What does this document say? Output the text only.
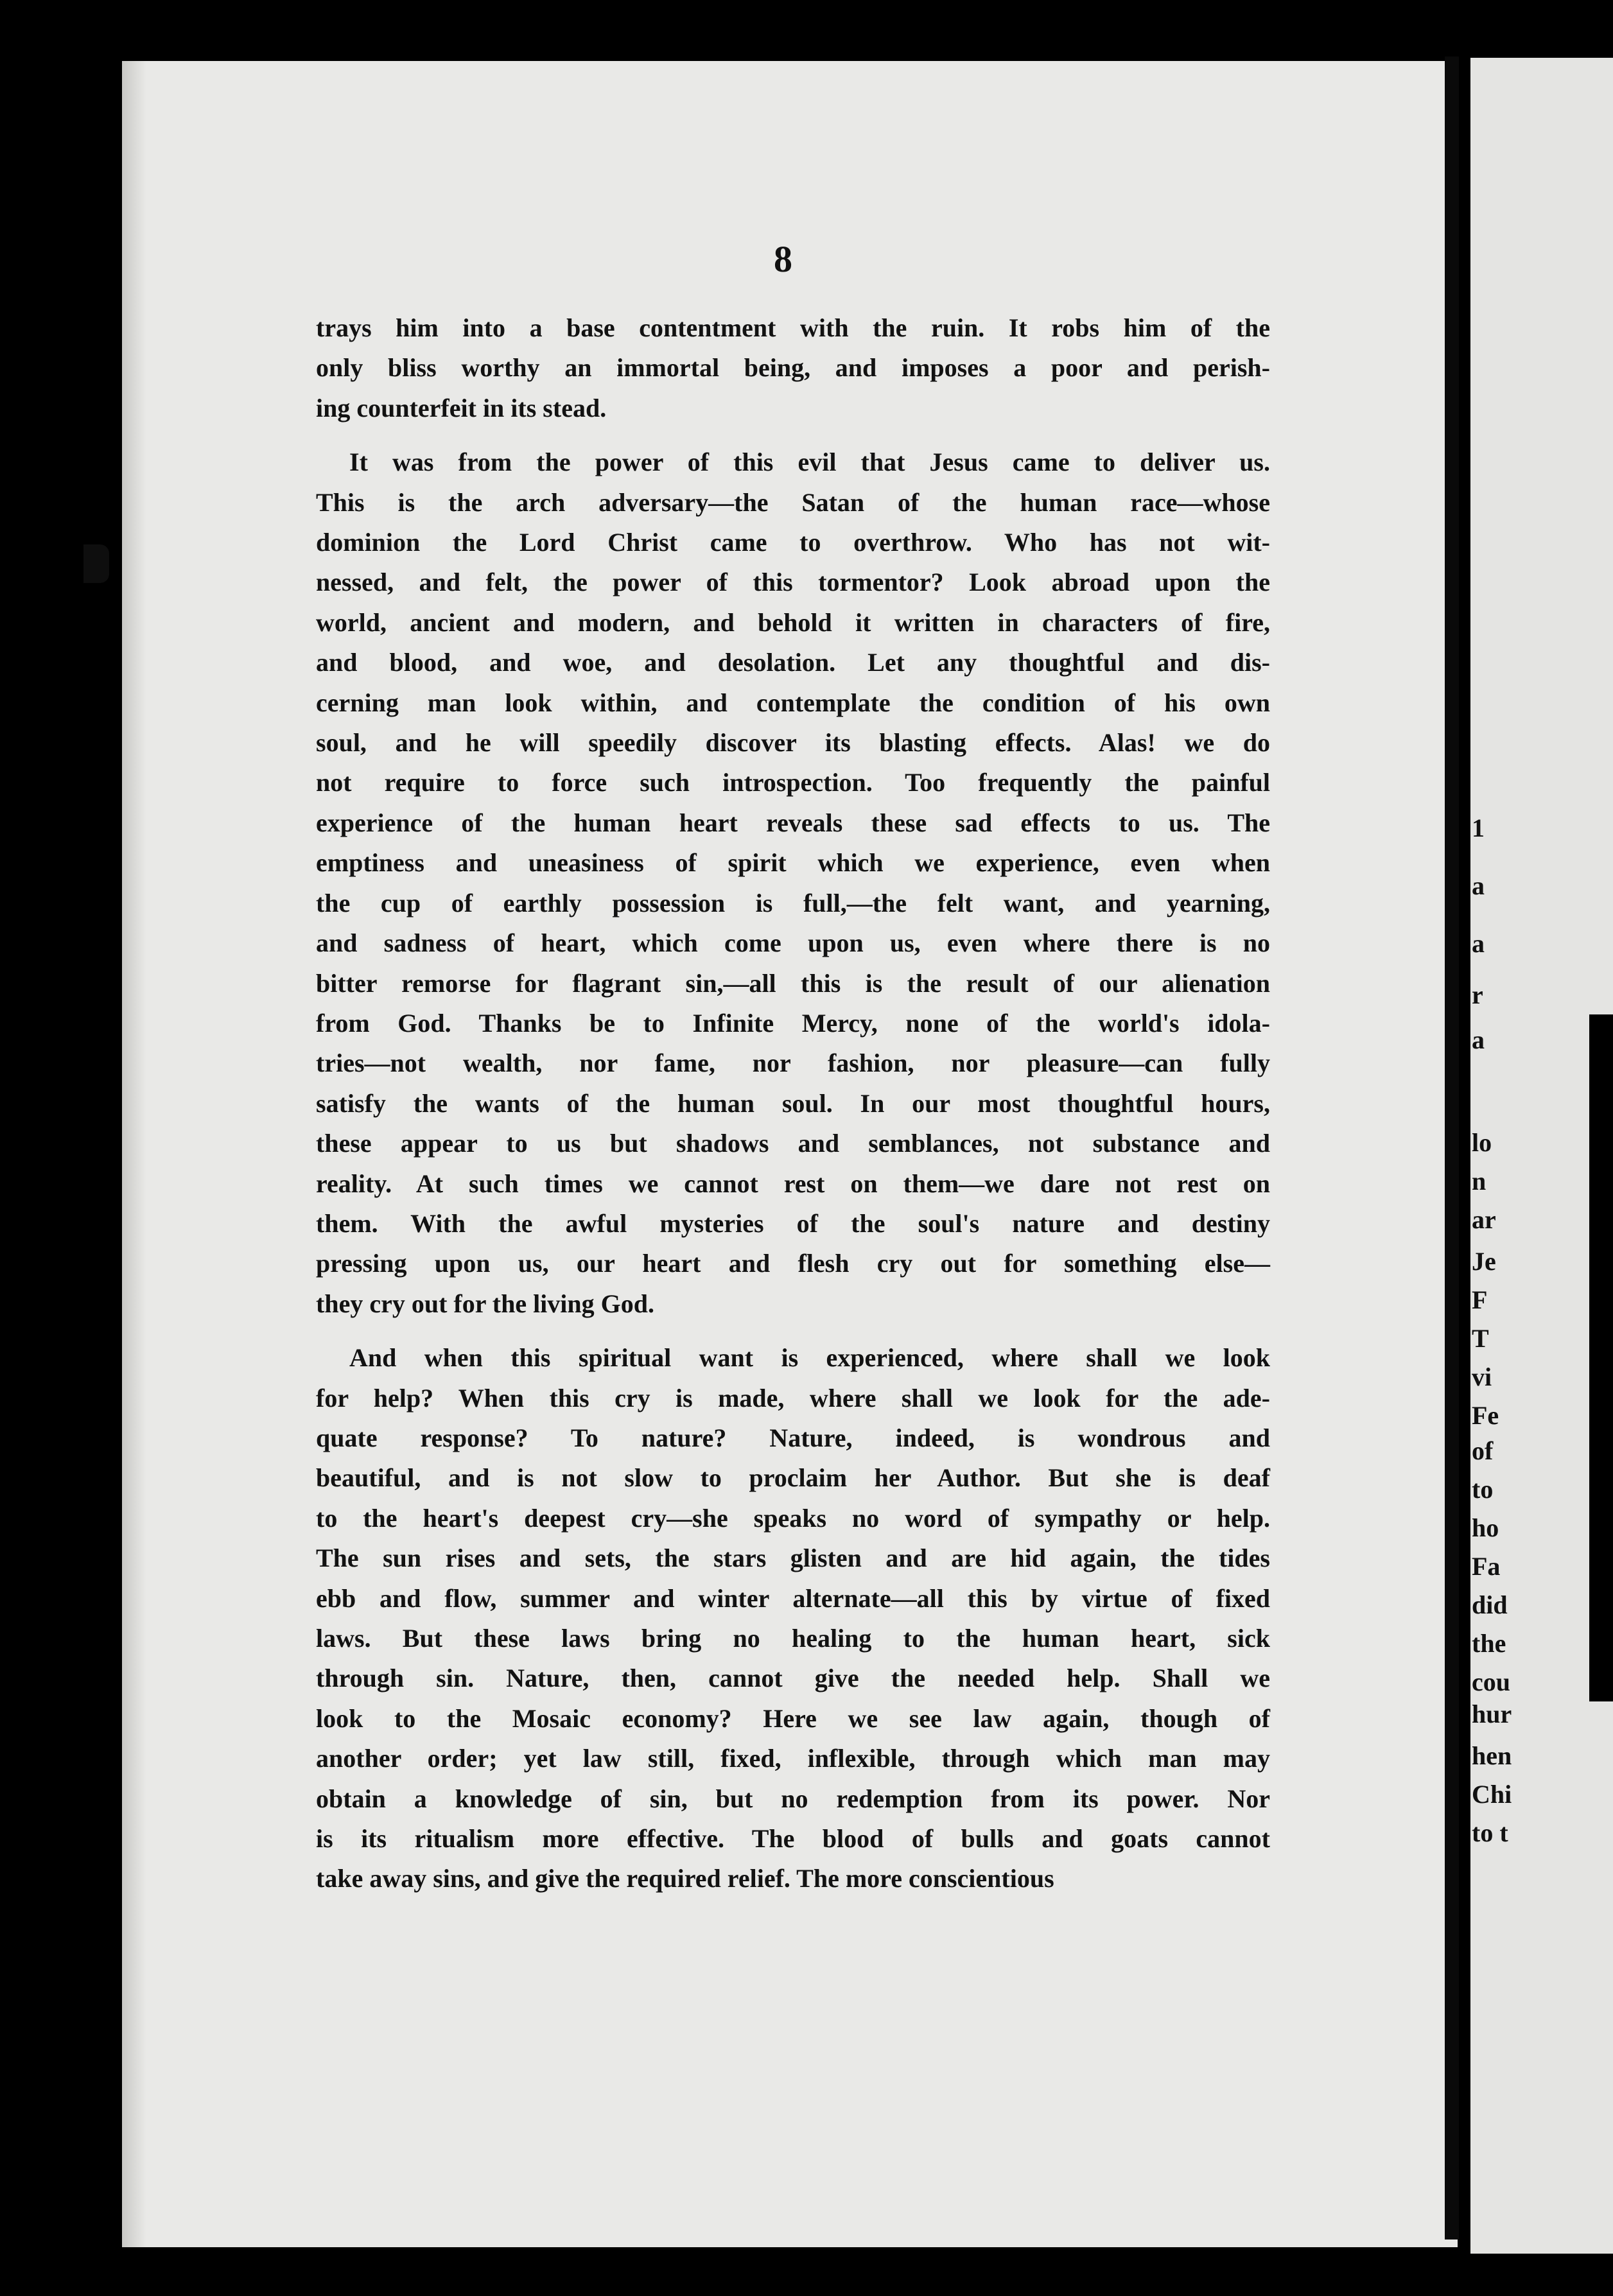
1

a

a

r

a

lo

n

ar

Je

F

T

vi

Fe

of

to

ho

Fa

did

the

cou

hur

hen

Chi

to t

8

trays him into a base contentment with the ruin. It robs him of the
only bliss worthy an immortal being, and imposes a poor and perish-
ing counterfeit in its stead.
It was from the power of this evil that Jesus came to deliver us.
This is the arch adversary—the Satan of the human race—whose
dominion the Lord Christ came to overthrow. Who has not wit-
nessed, and felt, the power of this tormentor? Look abroad upon the
world, ancient and modern, and behold it written in characters of fire,
and blood, and woe, and desolation. Let any thoughtful and dis-
cerning man look within, and contemplate the condition of his own
soul, and he will speedily discover its blasting effects. Alas! we do
not require to force such introspection. Too frequently the painful
experience of the human heart reveals these sad effects to us. The
emptiness and uneasiness of spirit which we experience, even when
the cup of earthly possession is full,—the felt want, and yearning,
and sadness of heart, which come upon us, even where there is no
bitter remorse for flagrant sin,—all this is the result of our alienation
from God. Thanks be to Infinite Mercy, none of the world's idola-
tries—not wealth, nor fame, nor fashion, nor pleasure—can fully
satisfy the wants of the human soul. In our most thoughtful hours,
these appear to us but shadows and semblances, not substance and
reality. At such times we cannot rest on them—we dare not rest on
them. With the awful mysteries of the soul's nature and destiny
pressing upon us, our heart and flesh cry out for something else—
they cry out for the living God.
And when this spiritual want is experienced, where shall we look
for help? When this cry is made, where shall we look for the ade-
quate response? To nature? Nature, indeed, is wondrous and
beautiful, and is not slow to proclaim her Author. But she is deaf
to the heart's deepest cry—she speaks no word of sympathy or help.
The sun rises and sets, the stars glisten and are hid again, the tides
ebb and flow, summer and winter alternate—all this by virtue of fixed
laws. But these laws bring no healing to the human heart, sick
through sin. Nature, then, cannot give the needed help. Shall we
look to the Mosaic economy? Here we see law again, though of
another order; yet law still, fixed, inflexible, through which man may
obtain a knowledge of sin, but no redemption from its power. Nor
is its ritualism more effective. The blood of bulls and goats cannot
take away sins, and give the required relief. The more conscientious
